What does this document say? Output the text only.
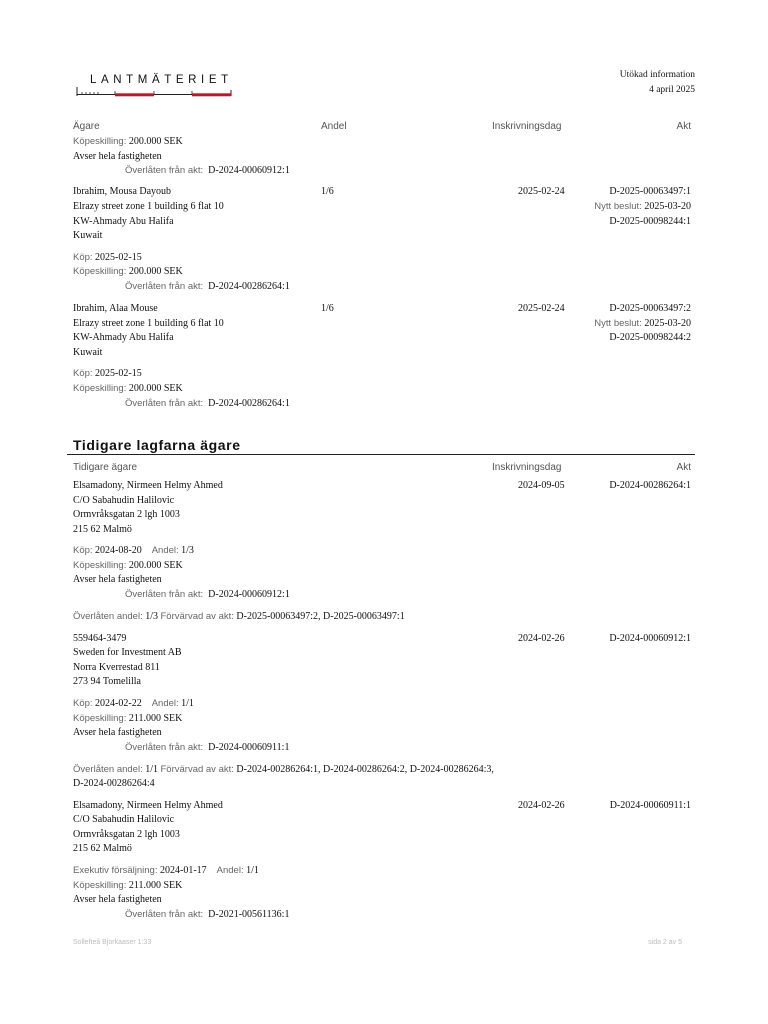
LANTMÄTERIET	Utökad information
4 april 2025
Ägare	Andel	Inskrivningsdag	Akt
Köpeskilling: 200.000 SEK
Avser hela fastigheten
Överlåten från akt: D-2024-00060912:1
Ibrahim, Mousa Dayoub
Elrazy street zone 1 building 6 flat 10
KW-Ahmady Abu Halifa
Kuwait
1/6	2025-02-24	D-2025-00063497:1
Nytt beslut: 2025-03-20
D-2025-00098244:1
Köp: 2025-02-15
Köpeskilling: 200.000 SEK
Överlåten från akt: D-2024-00286264:1
Ibrahim, Alaa Mouse
Elrazy street zone 1 building 6 flat 10
KW-Ahmady Abu Halifa
Kuwait
1/6	2025-02-24	D-2025-00063497:2
Nytt beslut: 2025-03-20
D-2025-00098244:2
Köp: 2025-02-15
Köpeskilling: 200.000 SEK
Överlåten från akt: D-2024-00286264:1
Tidigare lagfarna ägare
Tidigare ägare	Inskrivningsdag	Akt
Elsamadony, Nirmeen Helmy Ahmed
C/O Sabahudin Halilovic
Ormvråksgatan 2 lgh 1003
215 62 Malmö
2024-09-05	D-2024-00286264:1
Köp: 2024-08-20 Andel: 1/3
Köpeskilling: 200.000 SEK
Avser hela fastigheten
Överlåten från akt: D-2024-00060912:1
Överlåten andel: 1/3 Förvärvad av akt: D-2025-00063497:2, D-2025-00063497:1
559464-3479
Sweden for Investment AB
Norra Kverrestad 811
273 94 Tomelilla
2024-02-26	D-2024-00060912:1
Köp: 2024-02-22 Andel: 1/1
Köpeskilling: 211.000 SEK
Avser hela fastigheten
Överlåten från akt: D-2024-00060911:1
Överlåten andel: 1/1 Förvärvad av akt: D-2024-00286264:1, D-2024-00286264:2, D-2024-00286264:3,
D-2024-00286264:4
Elsamadony, Nirmeen Helmy Ahmed
C/O Sabahudin Halilovic
Ormvråksgatan 2 lgh 1003
215 62 Malmö
2024-02-26	D-2024-00060911:1
Exekutiv försäljning: 2024-01-17 Andel: 1/1
Köpeskilling: 211.000 SEK
Avser hela fastigheten
Överlåten från akt: D-2021-00561136:1
Sollefteå Bjorkaaser 1:33	sida 2 av 5
